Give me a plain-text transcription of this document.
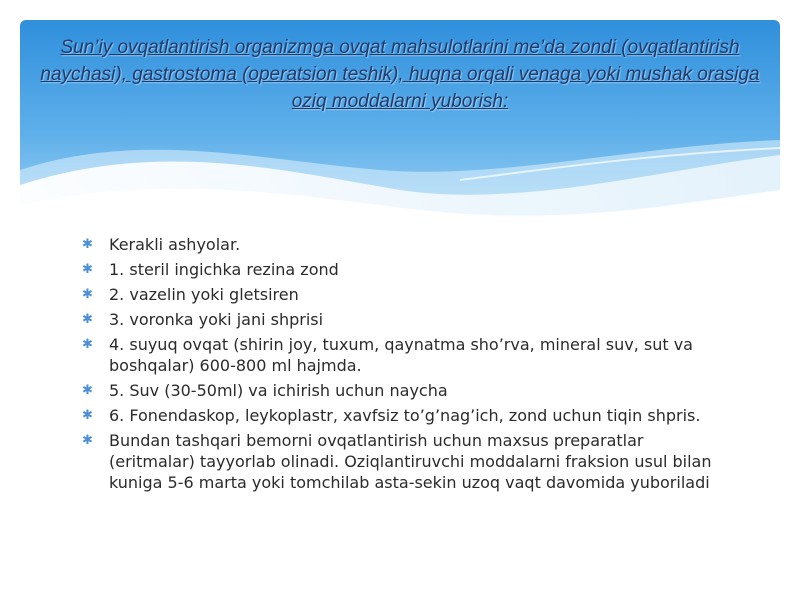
Sun’iy ovqatlantirish organizmga ovqat mahsulotlarini me’da zondi (ovqatlantirish naychasi), gastrostoma (operatsion teshik), huqna orqali venaga yoki mushak orasiga oziq moddalarni yuborish:
✱ Kerakli ashyolar.
✱ 1. steril ingichka rezina zond
✱ 2. vazelin yoki gletsiren
✱ 3. voronka yoki jani shprisi
✱ 4. suyuq ovqat (shirin joy, tuxum, qaynatma sho’rva, mineral suv, sut va boshqalar) 600-800 ml hajmda.
✱ 5. Suv (30-50ml) va ichirish uchun naycha
✱ 6. Fonendaskop, leykoplastr, xavfsiz to’g’nag’ich, zond uchun tiqin shpris.
✱ Bundan tashqari bemorni ovqatlantirish uchun maxsus preparatlar (eritmalar) tayyorlab olinadi. Oziqlantiruvchi moddalarni fraksion usul bilan kuniga 5-6 marta yoki tomchilab asta-sekin uzoq vaqt davomida yuboriladi
